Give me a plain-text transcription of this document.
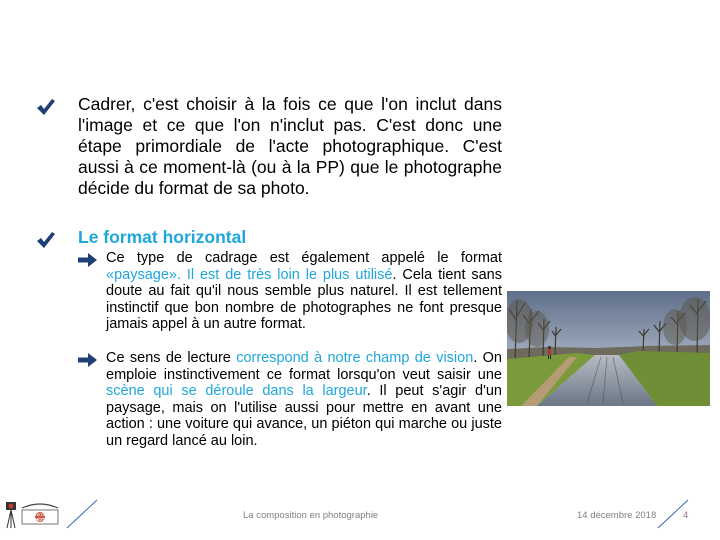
Cadrer, c'est choisir à la fois ce que l'on inclut dans l'image et ce que l'on n'inclut pas. C'est donc une étape primordiale de l'acte photographique. C'est aussi à ce moment-là (ou à la PP) que le photographe décide du format de sa photo.
Le format horizontal
Ce type de cadrage est également appelé le format «paysage». Il est de très loin le plus utilisé. Cela tient sans doute au fait qu'il nous semble plus naturel. Il est tellement instinctif que bon nombre de photographes ne font presque jamais appel à un autre format.
Ce sens de lecture correspond à notre champ de vision. On emploie instinctivement ce format lorsqu'on veut saisir une scène qui se déroule dans la largeur. Il peut s'agir d'un paysage, mais on l'utilise aussi pour mettre en avant une action : une voiture qui avance, un piéton qui marche ou juste un regard lancé au loin.
Cercle
PHOTO	La composition en photographie	14 décembre 2018	4
